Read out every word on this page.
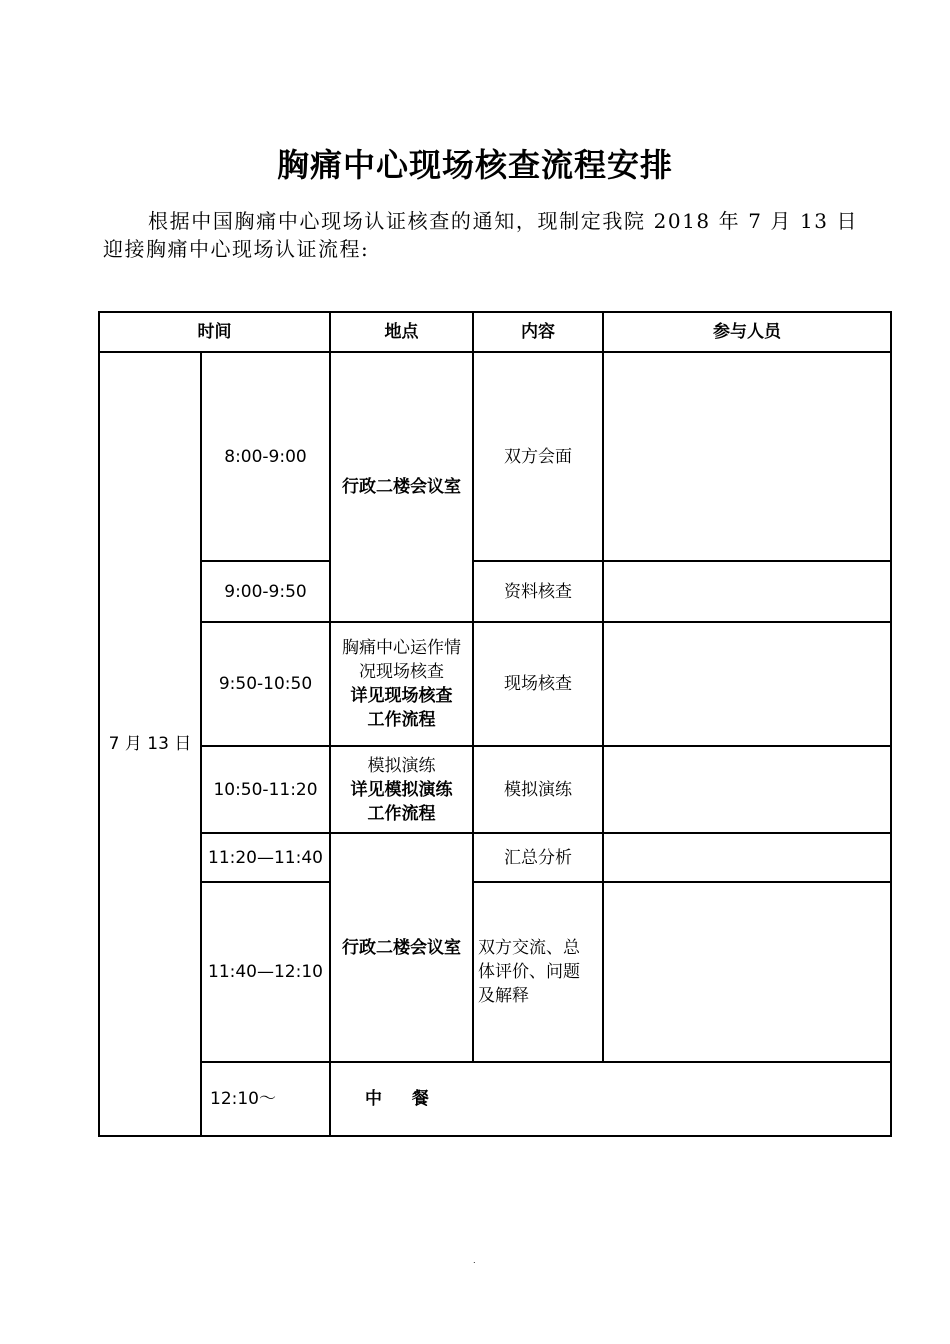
胸痛中心现场核查流程安排
根据中国胸痛中心现场认证核查的通知，现制定我院 2018 年 7 月 13 日迎接胸痛中心现场认证流程:
时间		地点	内容	参与人员
7 月 13 日	8:00-9:00	行政二楼会议室	双方会面	
	9:00-9:50		资料核查	
	9:50-10:50	胸痛中心运作情
况现场核查
详见现场核查
工作流程	现场核查	
	10:50-11:20	模拟演练
详见模拟演练
工作流程	模拟演练	
	11:20—11:40	行政二楼会议室	汇总分析	
	11:40—12:10		双方交流、总
体评价、问题
及解释	

	12:10～	中 餐		
.
